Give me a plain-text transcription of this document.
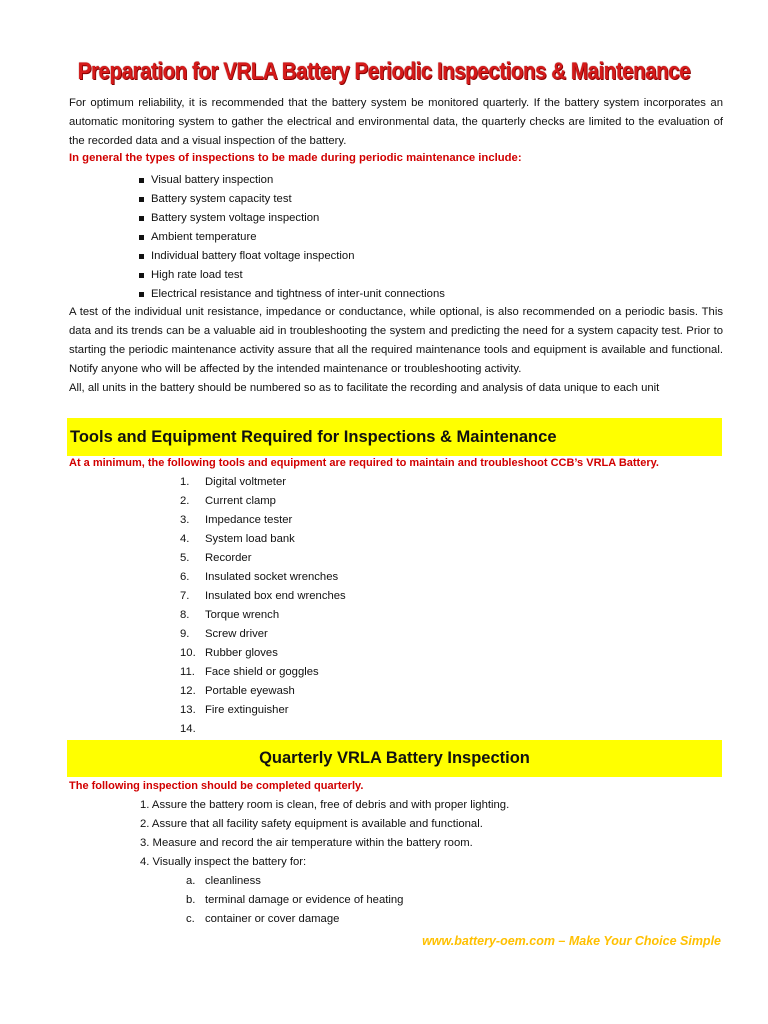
Preparation for VRLA Battery Periodic Inspections & Maintenance

For optimum reliability, it is recommended that the battery system be monitored quarterly. If the battery system incorporates an automatic monitoring system to gather the electrical and environmental data, the quarterly checks are limited to the evaluation of the recorded data and a visual inspection of the battery.

In general the types of inspections to be made during periodic maintenance include:
Visual battery inspection
Battery system capacity test
Battery system voltage inspection
Ambient temperature
Individual battery float voltage inspection
High rate load test
Electrical resistance and tightness of inter-unit connections

A test of the individual unit resistance, impedance or conductance, while optional, is also recommended on a periodic basis. This data and its trends can be a valuable aid in troubleshooting the system and predicting the need for a system capacity test. Prior to starting the periodic maintenance activity assure that all the required maintenance tools and equipment is available and functional. Notify anyone who will be affected by the intended maintenance or troubleshooting activity.

All, all units in the battery should be numbered so as to facilitate the recording and analysis of data unique to each unit

Tools and Equipment Required for Inspections & Maintenance
At a minimum, the following tools and equipment are required to maintain and troubleshoot CCB’s VRLA Battery.
1. Digital voltmeter
2. Current clamp
3. Impedance tester
4. System load bank
5. Recorder
6. Insulated socket wrenches
7. Insulated box end wrenches
8. Torque wrench
9. Screw driver
10. Rubber gloves
11. Face shield or goggles
12. Portable eyewash
13. Fire extinguisher
14.
Quarterly VRLA Battery Inspection
The following inspection should be completed quarterly.
1. Assure the battery room is clean, free of debris and with proper lighting.
2. Assure that all facility safety equipment is available and functional.
3. Measure and record the air temperature within the battery room.
4. Visually inspect the battery for:
a. cleanliness
b. terminal damage or evidence of heating
c. container or cover damage
www.battery-oem.com – Make Your Choice Simple
